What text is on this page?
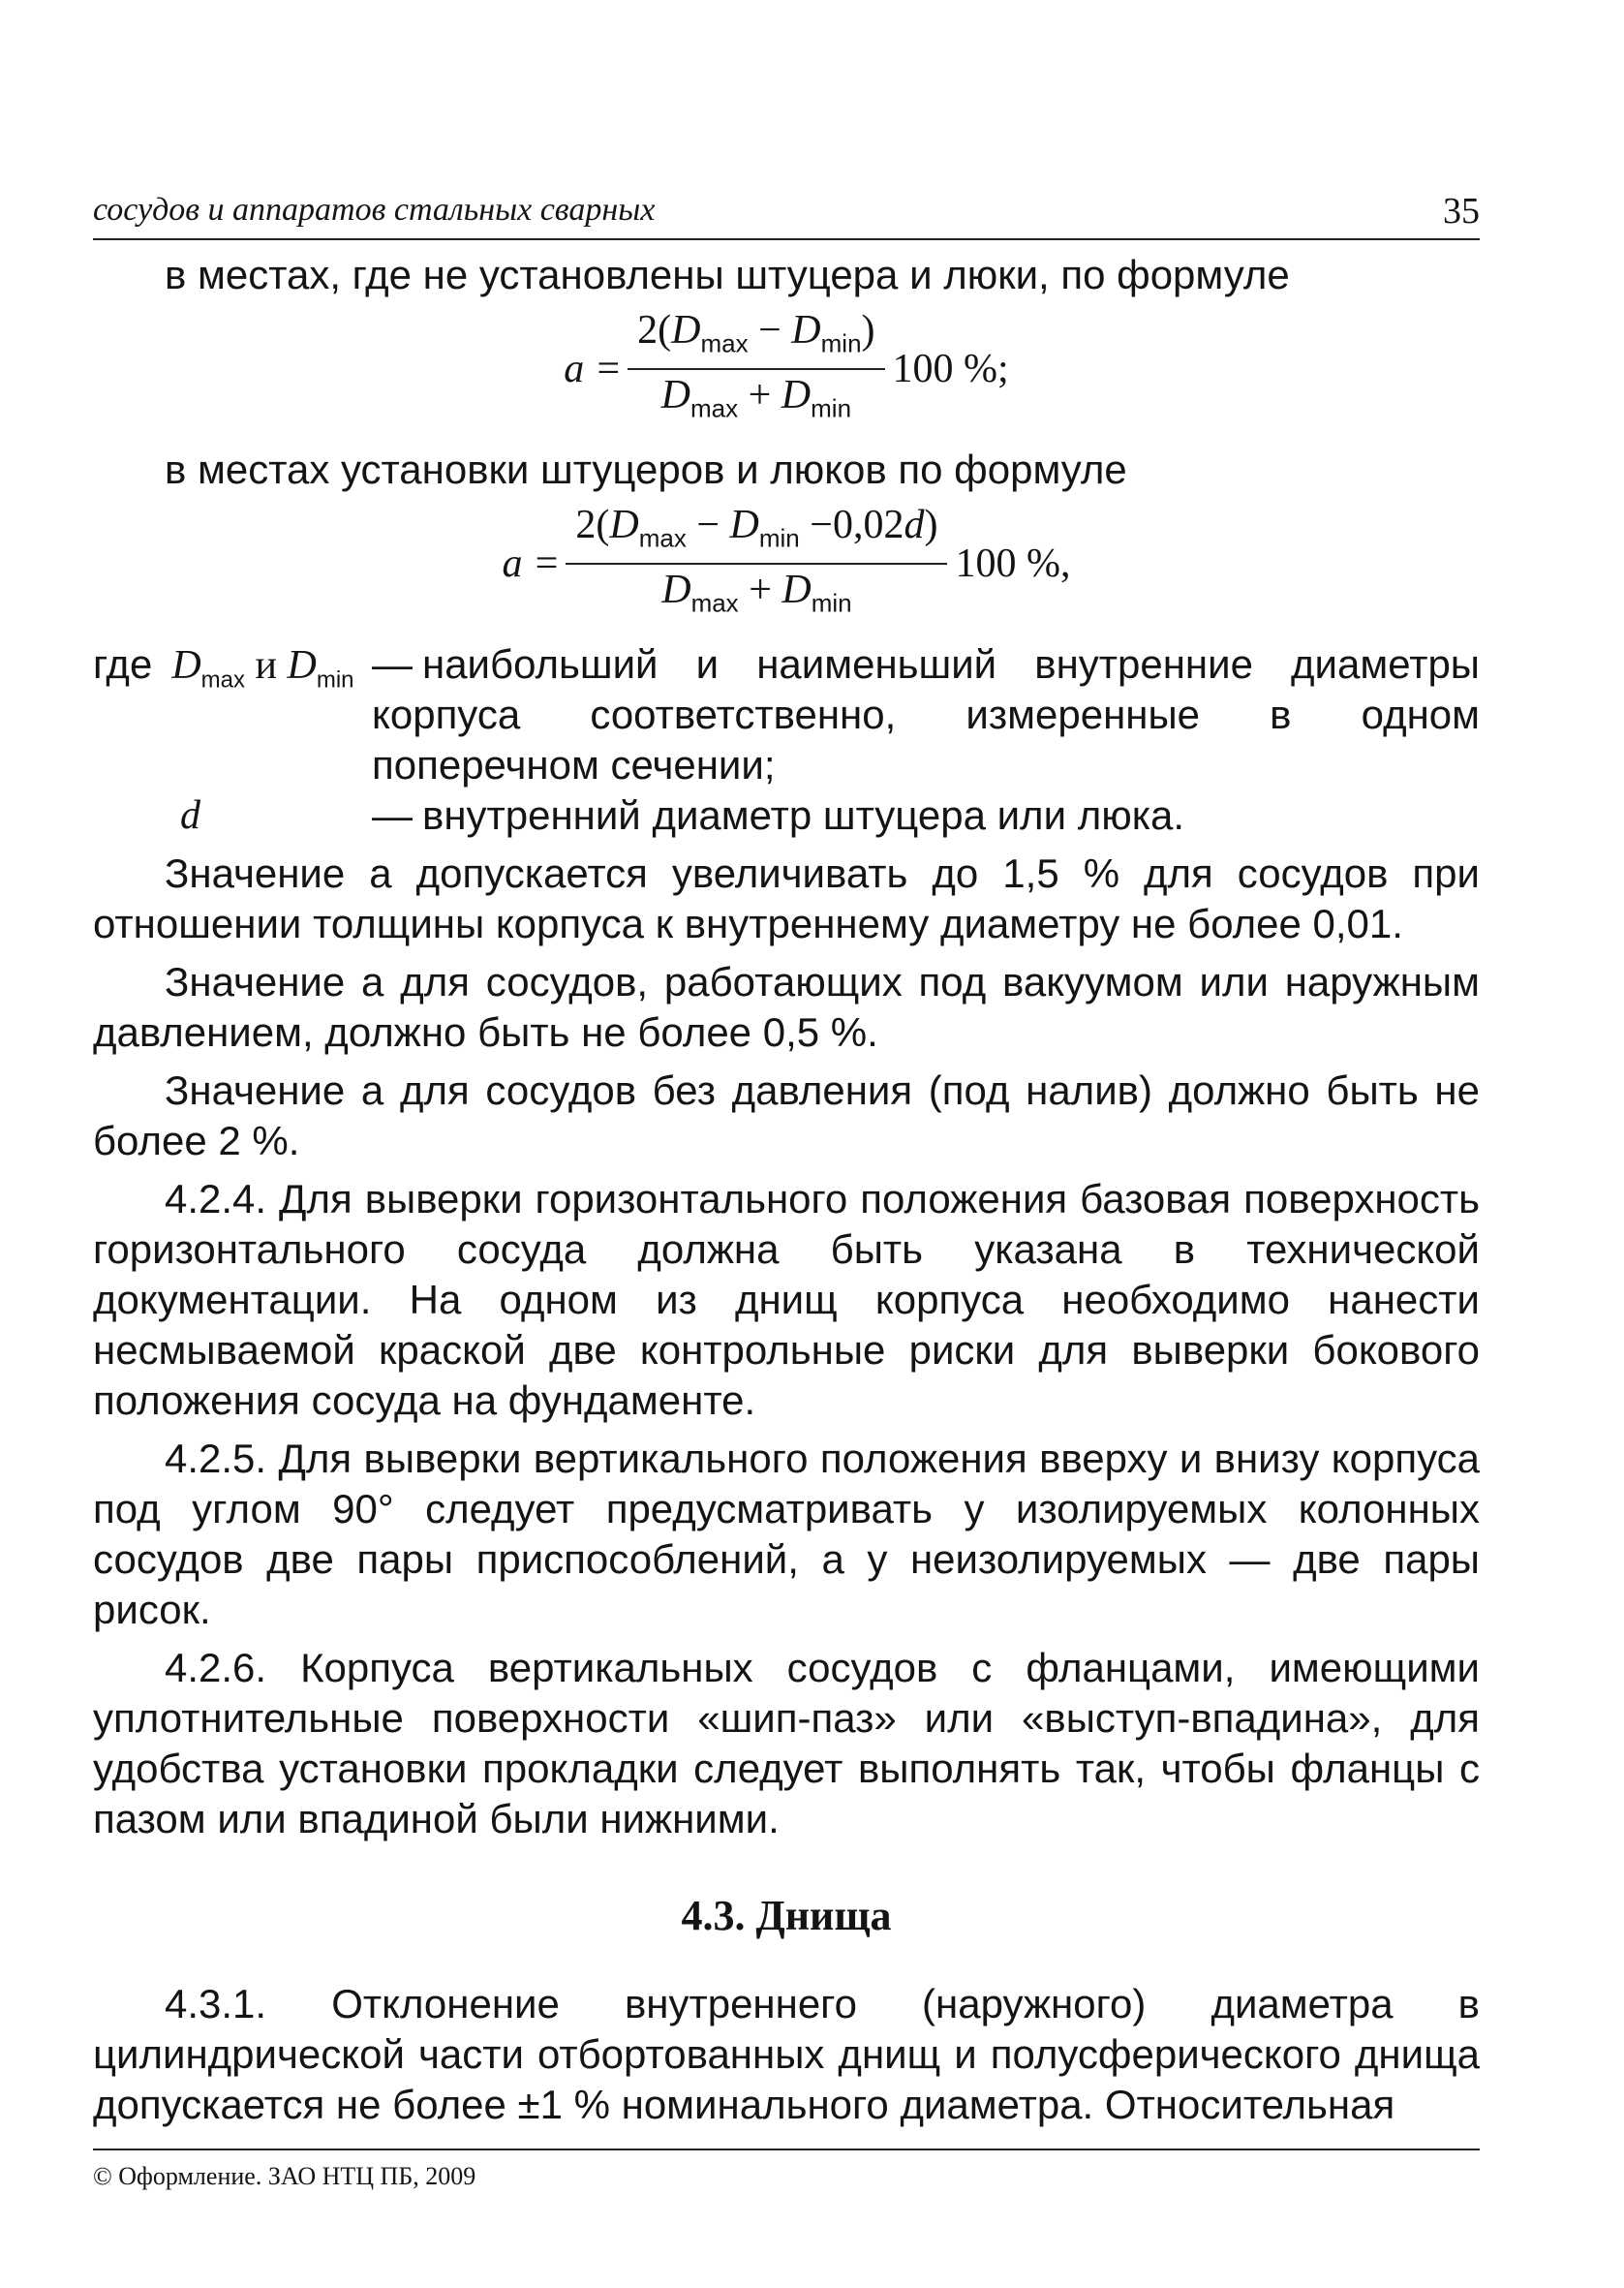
сосудов и аппаратов стальных сварных	35

в местах, где не установлены штуцера и люки, по формуле

$a = \frac{2(D_{max} - D_{min})}{D_{max} + D_{min}} 100$ %;

в местах установки штуцеров и люков по формуле

$a = \frac{2(D_{max} - D_{min} -0,02d)}{D_{max} + D_{min}} 100$ %,
где $D_{max}$ и $D_{min}$ — наибольший и наименьший внутренние диаметры корпуса соответственно, измеренные в одном поперечном сечении;
d	— внутренний диаметр штуцера или люка.

Значение a допускается увеличивать до 1,5 % для сосудов при отношении толщины корпуса к внутреннему диаметру не более 0,01.

Значение a для сосудов, работающих под вакуумом или наружным давлением, должно быть не более 0,5 %.

Значение a для сосудов без давления (под налив) должно быть не более 2 %.

4.2.4. Для выверки горизонтального положения базовая поверхность горизонтального сосуда должна быть указана в технической документации. На одном из днищ корпуса необходимо нанести несмываемой краской две контрольные риски для выверки бокового положения сосуда на фундаменте.

4.2.5. Для выверки вертикального положения вверху и внизу корпуса под углом 90° следует предусматривать у изолируемых колонных сосудов две пары приспособлений, а у неизолируемых — две пары рисок.

4.2.6. Корпуса вертикальных сосудов с фланцами, имеющими уплотнительные поверхности «шип-паз» или «выступ-впадина», для удобства установки прокладки следует выполнять так, чтобы фланцы с пазом или впадиной были нижними.

4.3. Днища

4.3.1. Отклонение внутреннего (наружного) диаметра в цилиндрической части отбортованных днищ и полусферического днища допускается не более ±1 % номинального диаметра. Относительная

© Оформление. ЗАО НТЦ ПБ, 2009
